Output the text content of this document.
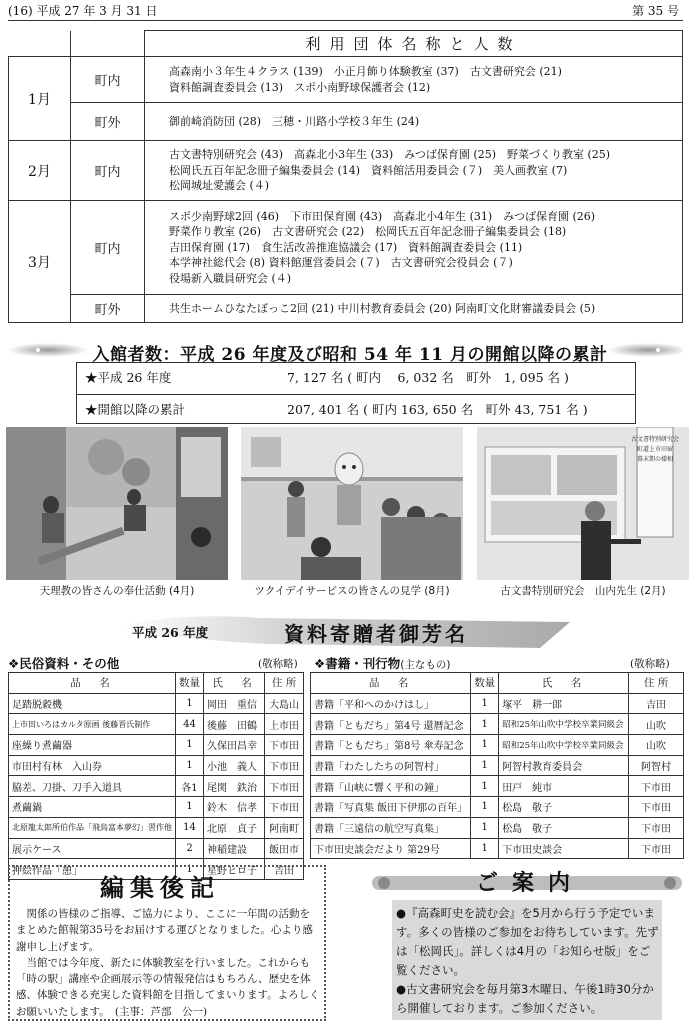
(16) 平成 27 年 3 月 31 日	第 35 号
		利用団体名称と人数
1月	町内	高森南小３年生４クラス (139)　小正月飾り体験教室 (37)　古文書研究会 (21)
資料館調査委員会 (13)　スポ小南野球保護者会 (12)

	町外	御前崎消防団 (28)　三穂・川路小学校３年生 (24)

2月	町内	古文書特別研究会 (43)　高森北小3年生 (33)　みつば保育園 (25)　野菜づくり教室 (25)
松岡氏五百年記念冊子編集委員会 (14)　資料館活用委員会 (７)　美人画教室 (7)
松岡城址愛護会 (４)

3月	町内	スポ少南野球2回 (46)　下市田保育園 (43)　高森北小4年生 (31)　みつば保育園 (26)
野菜作り教室 (26)　古文書研究会 (22)　松岡氏五百年記念冊子編集委員会 (18)
吉田保育園 (17)　食生活改善推進協議会 (17)　資料館調査委員会 (11)
本学神社総代会 (8) 資料館運営委員会 (７)　古文書研究会役員会 (７)
役場新入職員研究会 (４)

	町外	共生ホームひなたぼっこ2回 (21) 中川村教育委員会 (20) 阿南町文化財審議委員会 (5)
入館者数：平成 26 年度及び昭和 54 年 11 月の開館以降の累計
★平成 26 年度	7, 127 名 ( 町内　 6, 032 名　町外　1, 095 名 )
★開館以降の累計	207, 401 名 ( 町内 163, 650 名　町外 43, 751 名 )
古文書特別研究会
町道上市田宿
幕末期の様相
天理教の皆さんの奉仕活動 (4月)	ツクイデイサービスの皆さんの見学 (8月)	古文書特別研究会　山内先生 (2月)
平成 26 年度	資料寄贈者御芳名
❖民俗資料・その他	(敬称略)
品　名	数量	氏　名	住 所
足踏脱穀機	1	岡田　重信	大島山
上市田いろはカルタ原画 後藤晋氏制作	44	後藤　田鶴	上市田
座繰り煮繭器	1	久保田昌幸	下市田
市田村有林　入山券	1	小池　義人	下市田
脇差、刀掛、刀手入道具	各1	尾関　鉄治	下市田
煮繭鍋	1	鈴木　信孝	下市田
北原龍太郎所伯作品「飛鳥富本夢幻」習作他	14	北原　貞子	阿南町
展示ケース	2	神稲建設	飯田市
押絵作品「憩」	1	星野ヒロ子	吉田
❖書籍・刊行物(主なもの)	(敬称略)
品　名	数量	氏　名	住 所
書籍「平和へのかけはし」	1	塚平　耕一郎	吉田
書籍「ともだち」第4号 還暦記念	1	昭和25年山吹中学校卒業同級会	山吹
書籍「ともだち」第8号 傘寿記念	1	昭和25年山吹中学校卒業同級会	山吹
書籍「わたしたちの阿智村」	1	阿智村教育委員会	阿智村
書籍「山峡に響く平和の鐘」	1	田戸　純市	下市田
書籍「写真集 飯田下伊那の百年」	1	松島　敬子	下市田
書籍「三遠信の航空写真集」	1	松島　敬子	下市田
下市田史談会だより 第29号	1	下市田史談会	下市田
編集後記
　関係の皆様のご指導、ご協力により、ここに一年間の活動をまとめた館報第35号をお届けする運びとなりました。心より感謝申し上げます。
　当館では今年度、新たに体験教室を行いました。これからも「時の駅」講座や企画展示等の情報発信はもちろん、歴史を体感、体験できる充実した資料館を目指してまいります。よろしくお願いいたします。　(主事：芦部　公一)
ご案内
●『高森町史を読む会』を5月から行う予定でいます。多くの皆様のご参加をお待ちしています。先ずは「松岡氏」。詳しくは4月の「お知らせ版」をご覧ください。
●古文書研究会を毎月第3木曜日、午後1時30分から開催しております。ご参加ください。
